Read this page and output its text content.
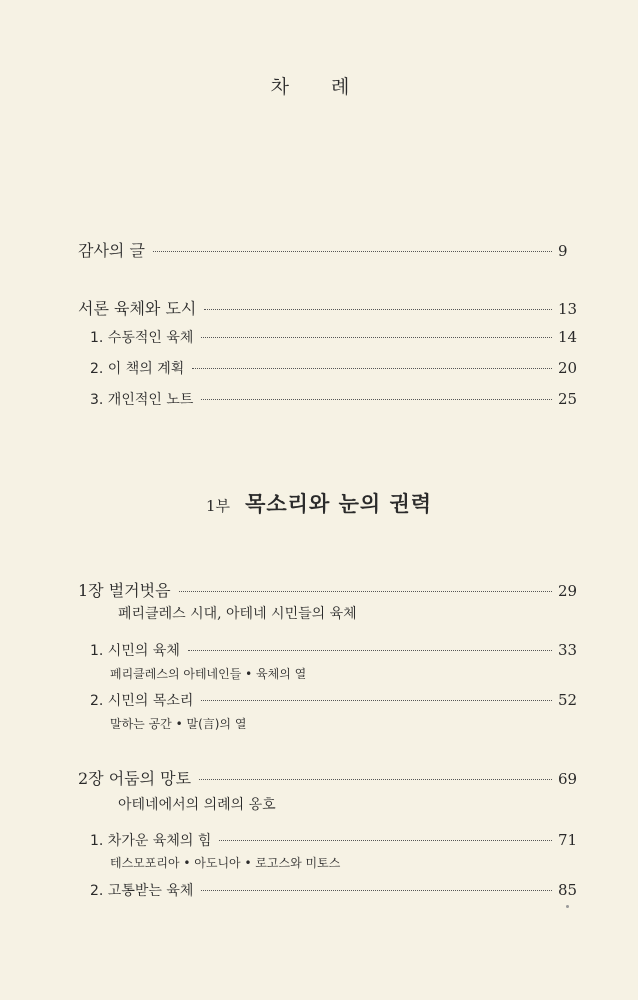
차 례
감사의 글	9
서론 육체와 도시	13
1. 수동적인 육체	14
2. 이 책의 계획	20
3. 개인적인 노트	25
1부 목소리와 눈의 권력
1장 벌거벗음	29
페리클레스 시대, 아테네 시민들의 육체
1. 시민의 육체	33
페리클레스의 아테네인들 • 육체의 열
2. 시민의 목소리	52
말하는 공간 • 말(言)의 열
2장 어둠의 망토	69
아테네에서의 의례의 옹호
1. 차가운 육체의 힘	71
테스모포리아 • 아도니아 • 로고스와 미토스
2. 고통받는 육체	85
